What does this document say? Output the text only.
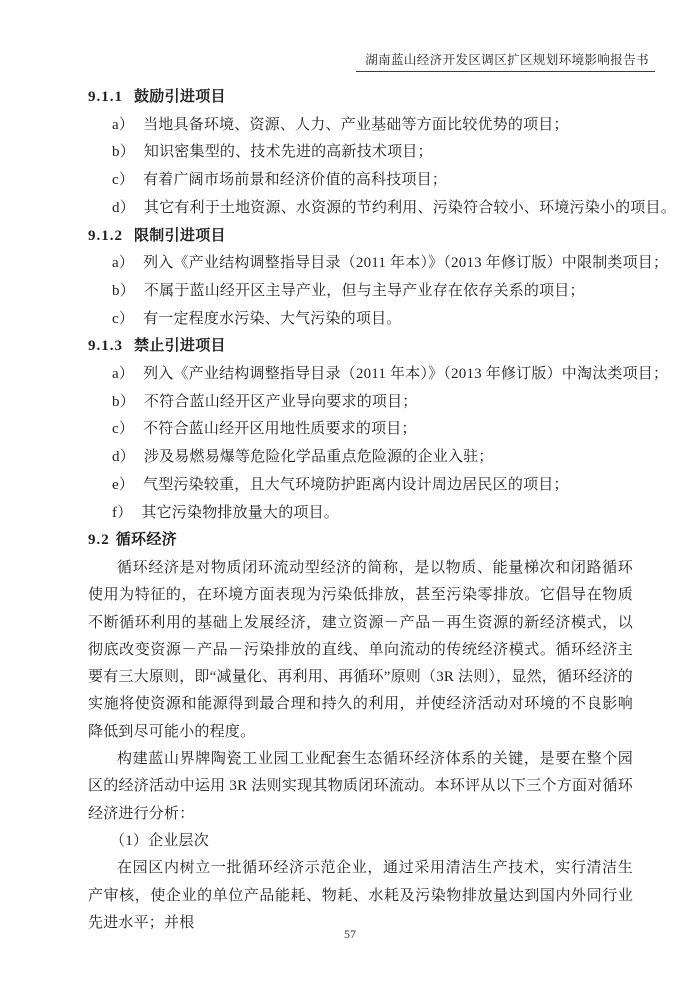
湖南蓝山经济开发区调区扩区规划环境影响报告书
9.1.1 鼓励引进项目
a） 当地具备环境、资源、人力、产业基础等方面比较优势的项目；
b） 知识密集型的、技术先进的高新技术项目；
c） 有着广阔市场前景和经济价值的高科技项目；
d） 其它有利于土地资源、水资源的节约利用、污染符合较小、环境污染小的项目。
9.1.2 限制引进项目
a） 列入《产业结构调整指导目录（2011 年本）》（2013 年修订版）中限制类项目；
b） 不属于蓝山经开区主导产业，但与主导产业存在依存关系的项目；
c） 有一定程度水污染、大气污染的项目。
9.1.3 禁止引进项目
a） 列入《产业结构调整指导目录（2011 年本）》（2013 年修订版）中淘汰类项目；
b） 不符合蓝山经开区产业导向要求的项目；
c） 不符合蓝山经开区用地性质要求的项目；
d） 涉及易燃易爆等危险化学品重点危险源的企业入驻；
e） 气型污染较重，且大气环境防护距离内设计周边居民区的项目；
f） 其它污染物排放量大的项目。
9.2 循环经济

循环经济是对物质闭环流动型经济的简称，是以物质、能量梯次和闭路循环使用为特征的，在环境方面表现为污染低排放，甚至污染零排放。它倡导在物质不断循环利用的基础上发展经济，建立资源－产品－再生资源的新经济模式，以彻底改变资源－产品－污染排放的直线、单向流动的传统经济模式。循环经济主要有三大原则，即“减量化、再利用、再循环”原则（3R 法则），显然，循环经济的实施将使资源和能源得到最合理和持久的利用，并使经济活动对环境的不良影响降低到尽可能小的程度。

构建蓝山界牌陶瓷工业园工业配套生态循环经济体系的关键，是要在整个园区的经济活动中运用 3R 法则实现其物质闭环流动。本环评从以下三个方面对循环经济进行分析：

（1）企业层次

在园区内树立一批循环经济示范企业，通过采用清洁生产技术，实行清洁生产审核，使企业的单位产品能耗、物耗、水耗及污染物排放量达到国内外同行业先进水平；并根

57
